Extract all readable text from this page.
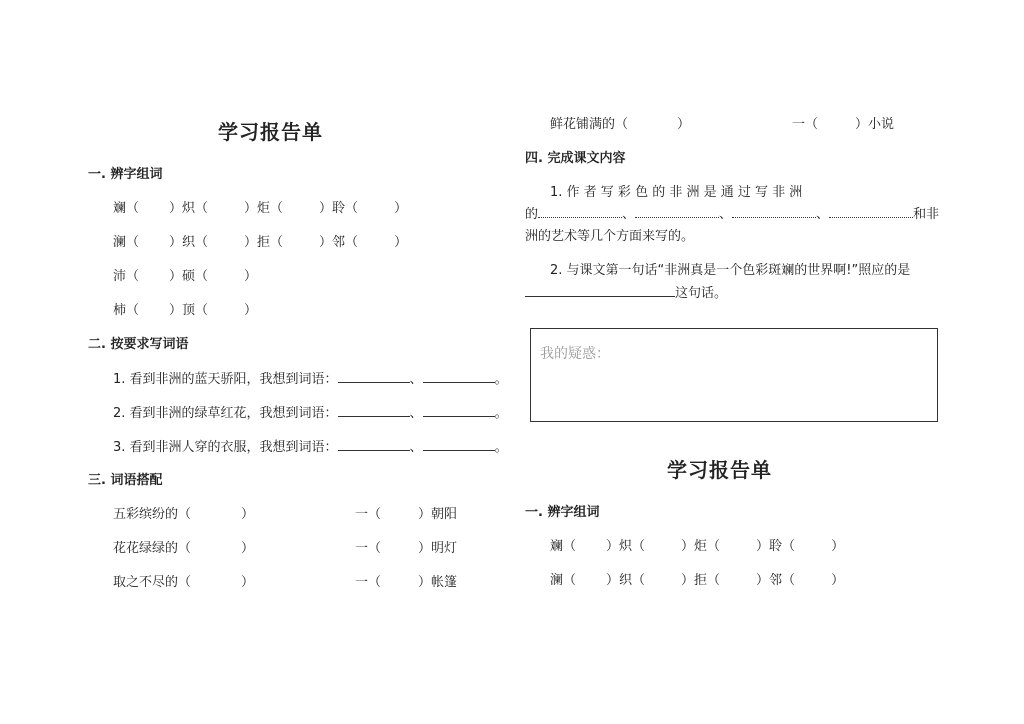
学习报告单
一. 辨字组词
斓（ ）炽（	）炬（	）聆（	）
澜（ ）织（	）拒（	）邻（	）
沛（ ）硕（	）
柿（ ）顶（	）
二. 按要求写词语
1. 看到非洲的蓝天骄阳，我想到词语：	、	。
2. 看到非洲的绿草红花，我想到词语：	、	。
3. 看到非洲人穿的衣服，我想到词语：	、	。
三. 词语搭配
五彩缤纷的（	）	一（	）朝阳
花花绿绿的（	）	一（	）明灯
取之不尽的（	）	一（	）帐篷
鲜花铺满的（	）	一（	）小说
四. 完成课文内容
1. 作 者 写 彩 色 的 非 洲 是 通 过 写 非 洲
的	、	、	、	和非
洲的艺术等几个方面来写的。
2. 与课文第一句话“非洲真是一个色彩斑斓的世界啊!”照应的是
这句话。
我的疑惑：
学习报告单
一. 辨字组词
斓（ ）炽（	）炬（	）聆（	）
澜（ ）织（	）拒（	）邻（	）
